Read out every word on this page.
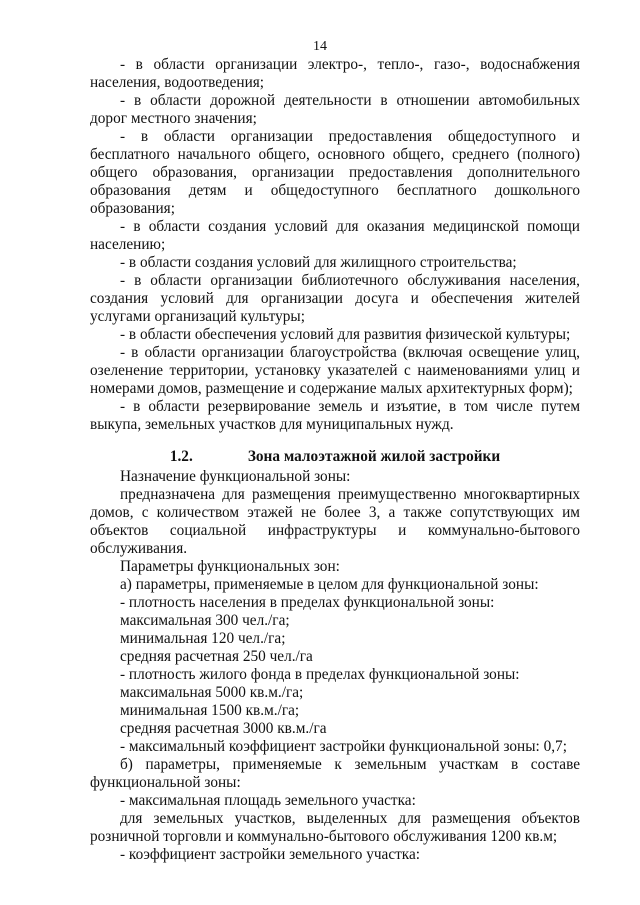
14

- в области организации электро-, тепло-, газо-, водоснабжения населения, водоотведения;

- в области дорожной деятельности в отношении автомобильных дорог местного значения;

- в области организации предоставления общедоступного и бесплатного начального общего, основного общего, среднего (полного) общего образования, организации предоставления дополнительного образования детям и общедоступного бесплатного дошкольного образования;

- в области создания условий для оказания медицинской помощи населению;

- в области создания условий для жилищного строительства;

- в области организации библиотечного обслуживания населения, создания условий для организации досуга и обеспечения жителей услугами организаций культуры;

- в области обеспечения условий для развития физической культуры;

- в области организации благоустройства (включая освещение улиц, озеленение территории, установку указателей с наименованиями улиц и номерами домов, размещение и содержание малых архитектурных форм);

- в области резервирование земель и изъятие, в том числе путем выкупа, земельных участков для муниципальных нужд.

1.2.	Зона малоэтажной жилой застройки

Назначение функциональной зоны:

предназначена для размещения преимущественно многоквартирных домов, с количеством этажей не более 3, а также сопутствующих им объектов социальной инфраструктуры и коммунально-бытового обслуживания.

Параметры функциональных зон:

а) параметры, применяемые в целом для функциональной зоны:

- плотность населения в пределах функциональной зоны:

максимальная 300 чел./га;

минимальная 120 чел./га;

средняя расчетная 250 чел./га

- плотность жилого фонда в пределах функциональной зоны:

максимальная 5000 кв.м./га;

минимальная 1500 кв.м./га;

средняя расчетная 3000 кв.м./га

- максимальный коэффициент застройки функциональной зоны: 0,7;

б) параметры, применяемые к земельным участкам в составе функциональной зоны:

- максимальная площадь земельного участка:

для земельных участков, выделенных для размещения объектов розничной торговли и коммунально-бытового обслуживания 1200 кв.м;

- коэффициент застройки земельного участка:
